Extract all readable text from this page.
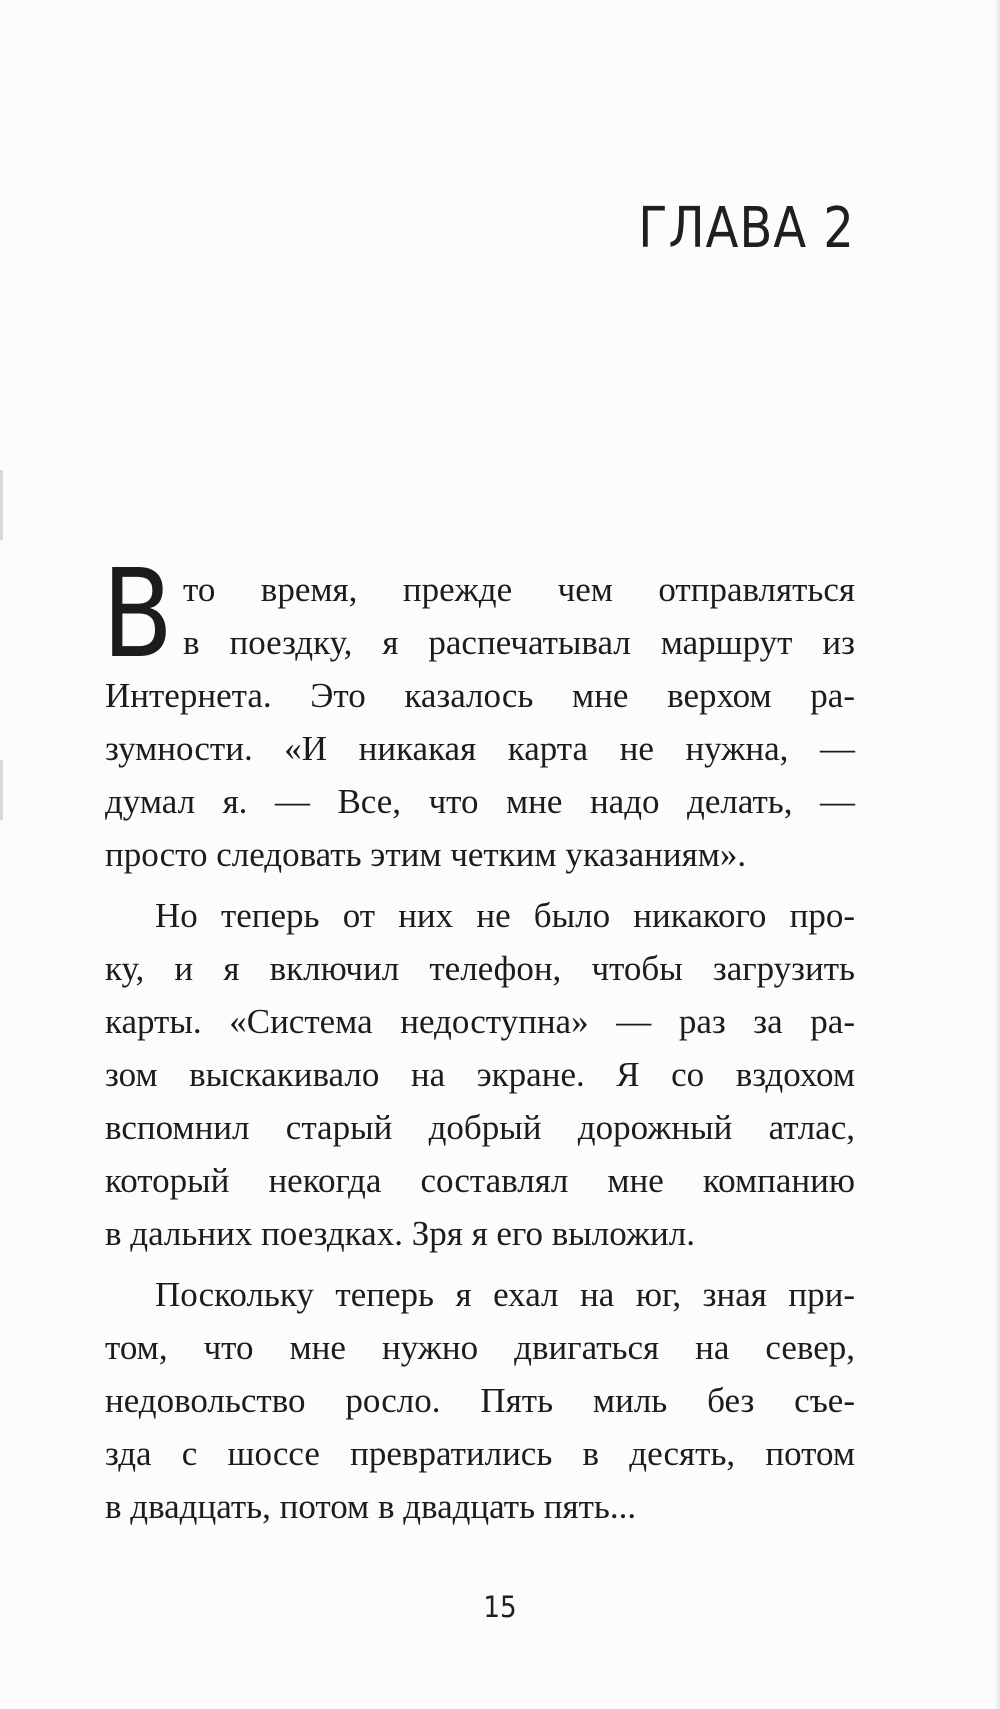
ГЛАВА 2
В то время, прежде чем отправляться
в поездку, я распечатывал маршрут из
Интернета. Это казалось мне верхом ра-
зумности. «И никакая карта не нужна, —
думал я. — Все, что мне надо делать, —
просто следовать этим четким указаниям».
Но теперь от них не было никакого про-
ку, и я включил телефон, чтобы загрузить
карты. «Система недоступна» — раз за ра-
зом выскакивало на экране. Я со вздохом
вспомнил старый добрый дорожный атлас,
который некогда составлял мне компанию
в дальних поездках. Зря я его выложил.
Поскольку теперь я ехал на юг, зная при-
том, что мне нужно двигаться на север,
недовольство росло. Пять миль без съе-
зда с шоссе превратились в десять, потом
в двадцать, потом в двадцать пять...
15
